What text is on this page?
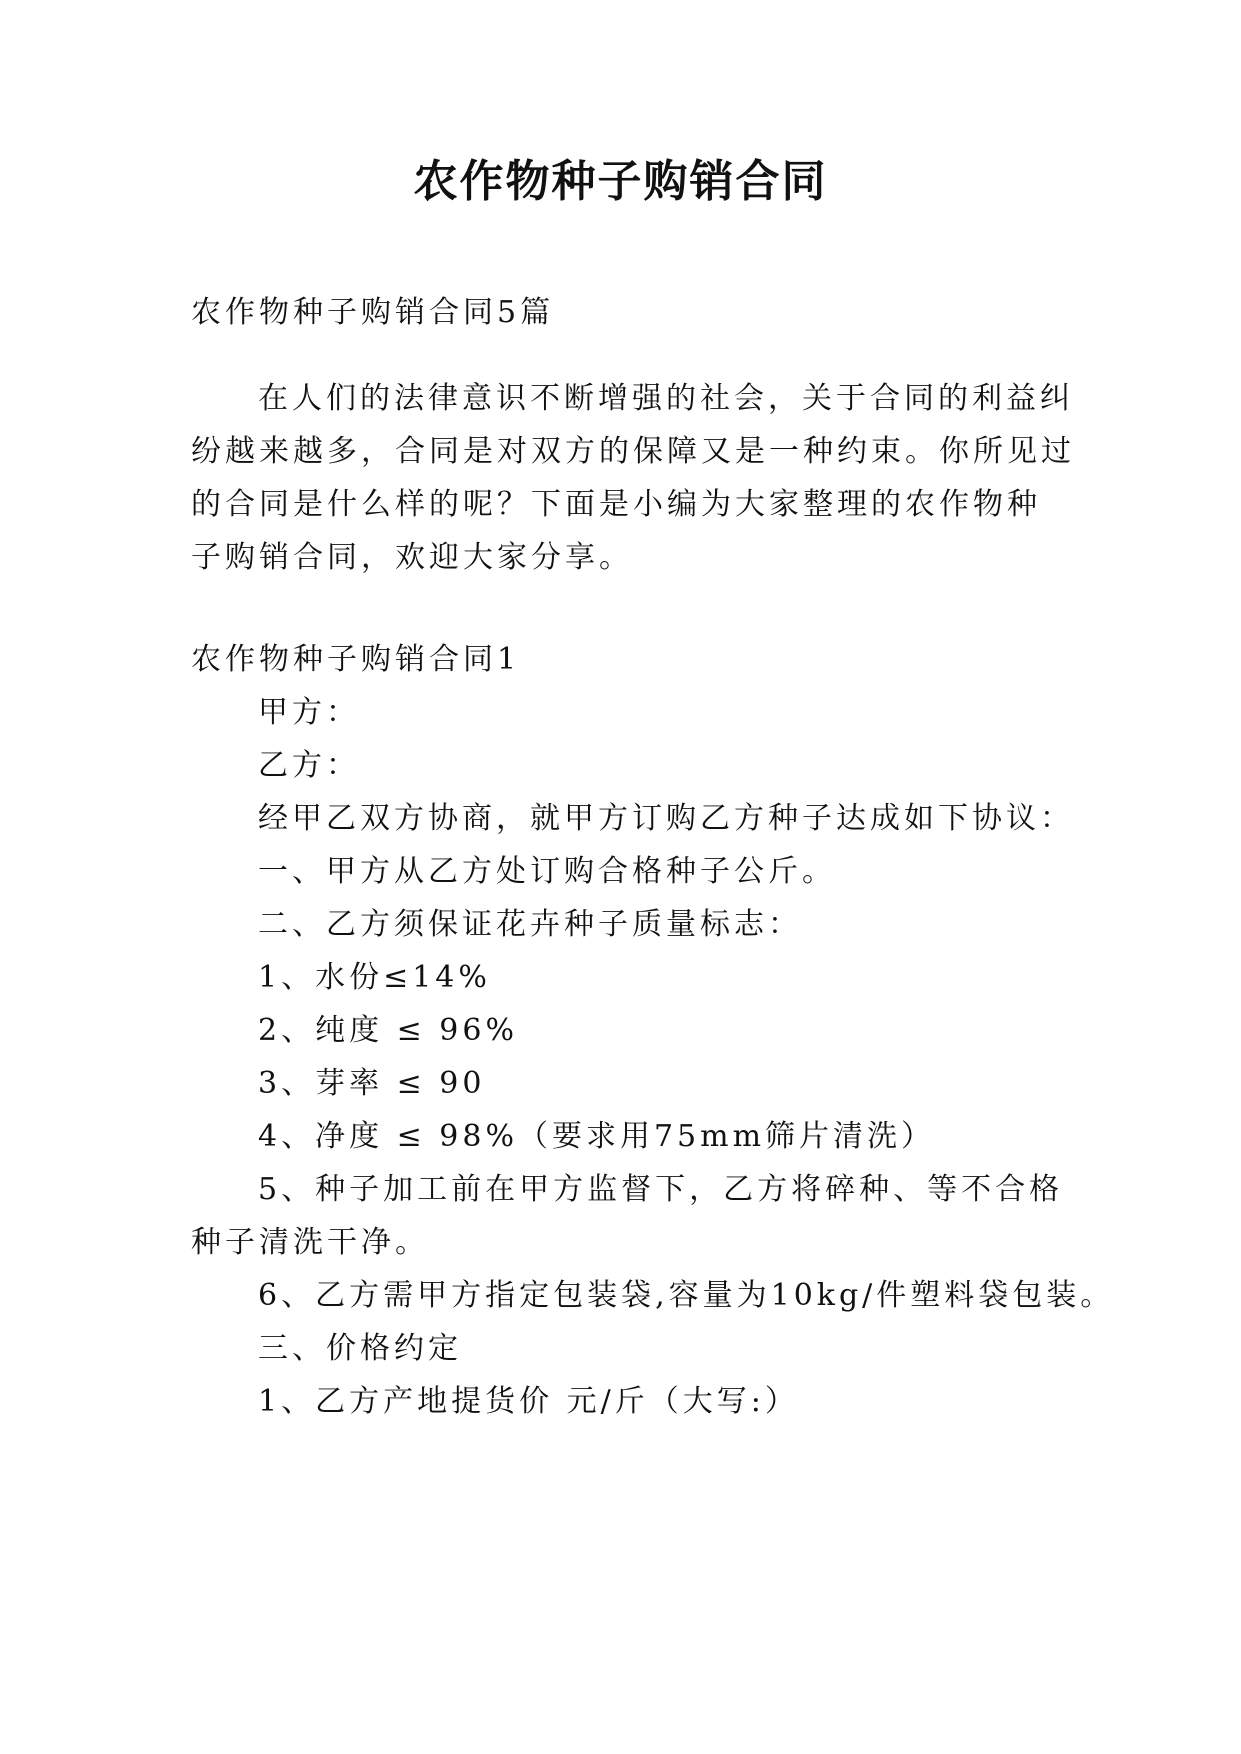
农作物种子购销合同
农作物种子购销合同5篇
在人们的法律意识不断增强的社会，关于合同的利益纠
纷越来越多，合同是对双方的保障又是一种约束。你所见过
的合同是什么样的呢？下面是小编为大家整理的农作物种
子购销合同，欢迎大家分享。
农作物种子购销合同1
甲方：
乙方：
经甲乙双方协商，就甲方订购乙方种子达成如下协议：
一、甲方从乙方处订购合格种子公斤。
二、乙方须保证花卉种子质量标志：
1、水份≤14%
2、纯度 ≤ 96%
3、芽率 ≤ 90
4、净度 ≤ 98%（要求用75mm筛片清洗）
5、种子加工前在甲方监督下，乙方将碎种、等不合格
种子清洗干净。
6、乙方需甲方指定包装袋,容量为10kg/件塑料袋包装。
三、价格约定
1、乙方产地提货价 元/斤（大写:）
